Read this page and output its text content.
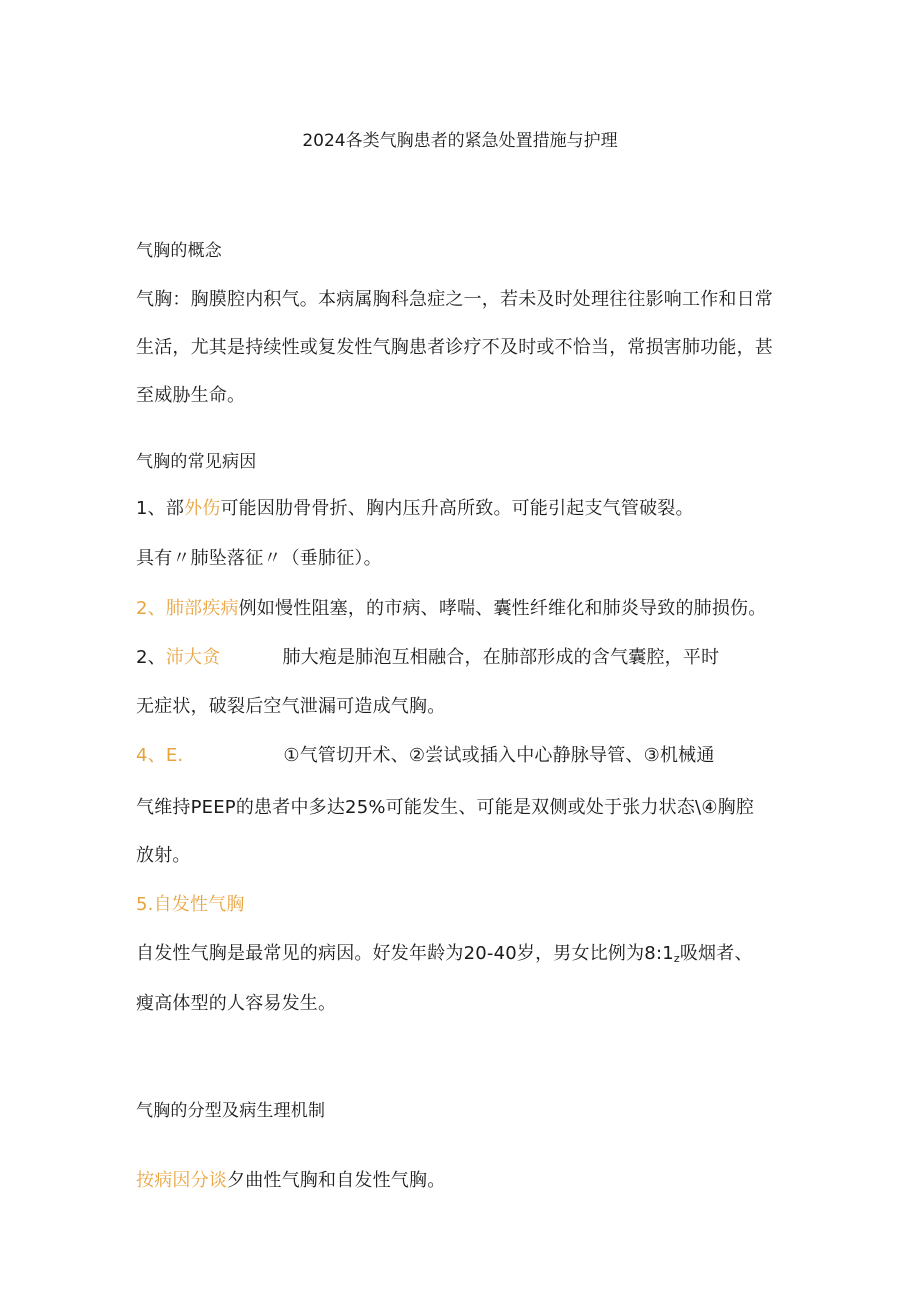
2024各类气胸患者的紧急处置措施与护理
气胸的概念
气胸：胸膜腔内积气。本病属胸科急症之一，若未及时处理往往影响工作和日常
生活，尤其是持续性或复发性气胸患者诊疗不及时或不恰当，常损害肺功能，甚
至威胁生命。
气胸的常见病因
1、部外伤可能因肋骨骨折、胸内压升高所致。可能引起支气管破裂。
具有〃肺坠落征〃（垂肺征）。
2、肺部疾病例如慢性阻塞，的市病、哮喘、囊性纤维化和肺炎导致的肺损伤。
2、沛大贪	肺大疱是肺泡互相融合，在肺部形成的含气囊腔，平时
无症状，破裂后空气泄漏可造成气胸。
4、E.	①气管切开术、②尝试或插入中心静脉导管、③机械通
气维持PEEP的患者中多达25%可能发生、可能是双侧或处于张力状态\④胸腔
放射。
5.自发性气胸
自发性气胸是最常见的病因。好发年龄为20-40岁，男女比例为$8:1_z$吸烟者、
瘦高体型的人容易发生。
气胸的分型及病生理机制
按病因分谈夕曲性气胸和自发性气胸。
